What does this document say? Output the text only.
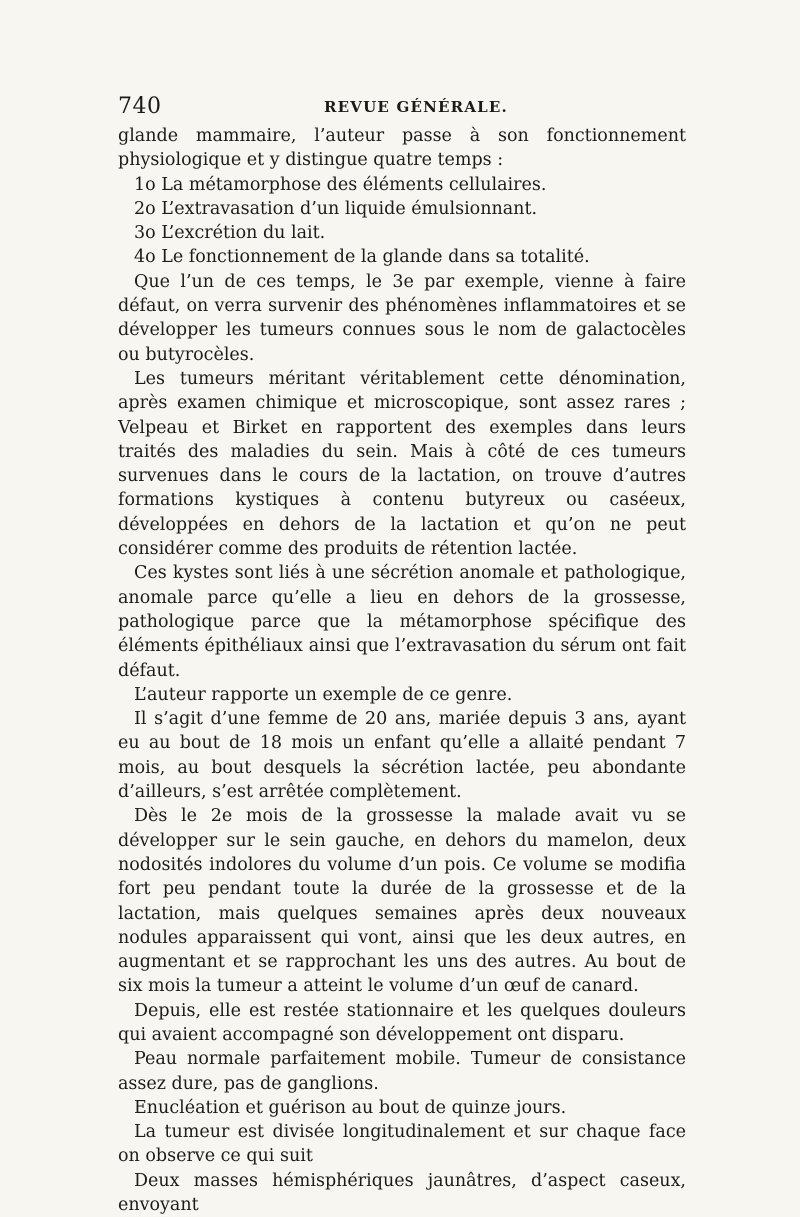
740	REVUE GÉNÉRALE.

glande mammaire, l’auteur passe à son fonctionnement physiologique et y distingue quatre temps :

1o La métamorphose des éléments cellulaires.

2o L’extravasation d’un liquide émulsionnant.

3o L’excrétion du lait.

4o Le fonctionnement de la glande dans sa totalité.

Que l’un de ces temps, le 3e par exemple, vienne à faire défaut, on verra survenir des phénomènes inflammatoires et se développer les tumeurs connues sous le nom de galactocèles ou butyrocèles.

Les tumeurs méritant véritablement cette dénomination, après examen chimique et microscopique, sont assez rares ; Velpeau et Birket en rapportent des exemples dans leurs traités des maladies du sein. Mais à côté de ces tumeurs survenues dans le cours de la lactation, on trouve d’autres formations kystiques à contenu butyreux ou caséeux, développées en dehors de la lactation et qu’on ne peut considérer comme des produits de rétention lactée.

Ces kystes sont liés à une sécrétion anomale et pathologique, anomale parce qu’elle a lieu en dehors de la grossesse, pathologique parce que la métamorphose spécifique des éléments épithéliaux ainsi que l’extravasation du sérum ont fait défaut.

L’auteur rapporte un exemple de ce genre.

Il s’agit d’une femme de 20 ans, mariée depuis 3 ans, ayant eu au bout de 18 mois un enfant qu’elle a allaité pendant 7 mois, au bout desquels la sécrétion lactée, peu abondante d’ailleurs, s’est arrêtée complètement.

Dès le 2e mois de la grossesse la malade avait vu se développer sur le sein gauche, en dehors du mamelon, deux nodosités indolores du volume d’un pois. Ce volume se modifia fort peu pendant toute la durée de la grossesse et de la lactation, mais quelques semaines après deux nouveaux nodules apparaissent qui vont, ainsi que les deux autres, en augmentant et se rapprochant les uns des autres. Au bout de six mois la tumeur a atteint le volume d’un œuf de canard.

Depuis, elle est restée stationnaire et les quelques douleurs qui avaient accompagné son développement ont disparu.

Peau normale parfaitement mobile. Tumeur de consistance assez dure, pas de ganglions.

Enucléation et guérison au bout de quinze jours.

La tumeur est divisée longitudinalement et sur chaque face on observe ce qui suit

Deux masses hémisphériques jaunâtres, d’aspect caseux, envoyant
